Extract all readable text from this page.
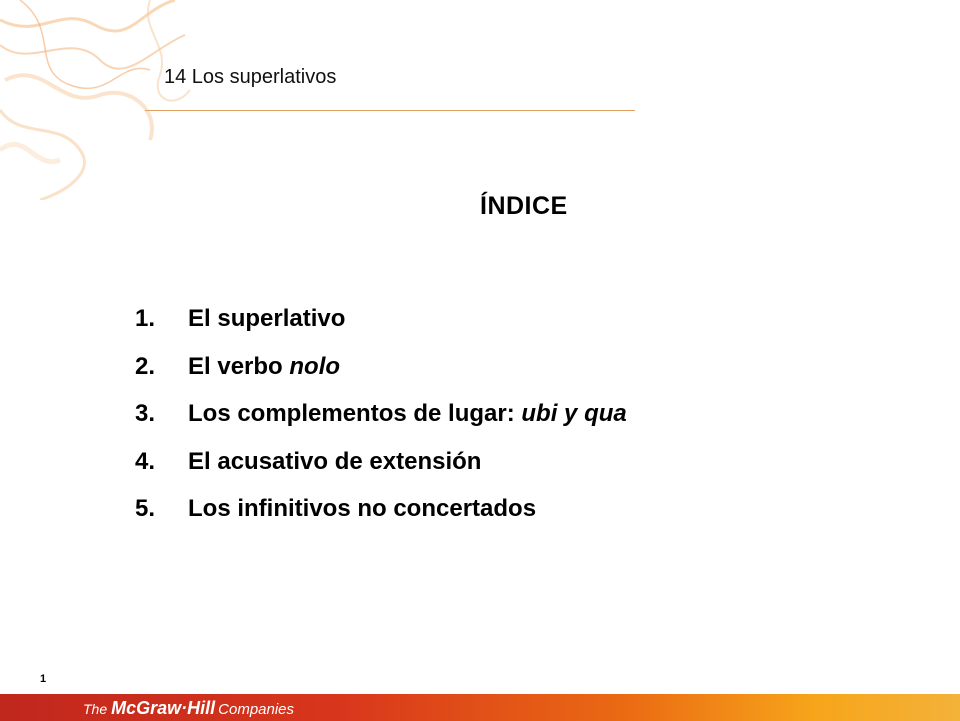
14 Los superlativos
ÍNDICE
1. El superlativo
2. El verbo nolo
3. Los complementos de lugar: ubi y qua
4. El acusativo de extensión
5. Los infinitivos no concertados
1
The McGraw·Hill Companies
